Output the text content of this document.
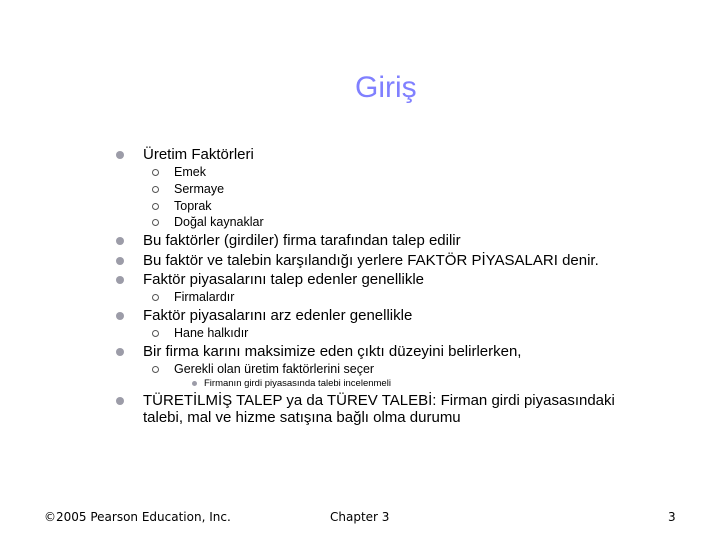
Giriş
Üretim Faktörleri
Emek
Sermaye
Toprak
Doğal kaynaklar
Bu faktörler (girdiler) firma tarafından talep edilir
Bu faktör ve talebin karşılandığı yerlere FAKTÖR PİYASALARI denir.
Faktör piyasalarını talep edenler genellikle
Firmalardır
Faktör piyasalarını arz edenler genellikle
Hane halkıdır
Bir firma karını maksimize eden çıktı düzeyini belirlerken,
Gerekli olan üretim faktörlerini seçer
Firmanın girdi piyasasında talebi incelenmeli
TÜRETİLMİŞ TALEP ya da TÜREV TALEBİ: Firman girdi piyasasındaki
talebi, mal ve hizme satışına bağlı olma durumu
©2005 Pearson Education, Inc.	Chapter 3	3
